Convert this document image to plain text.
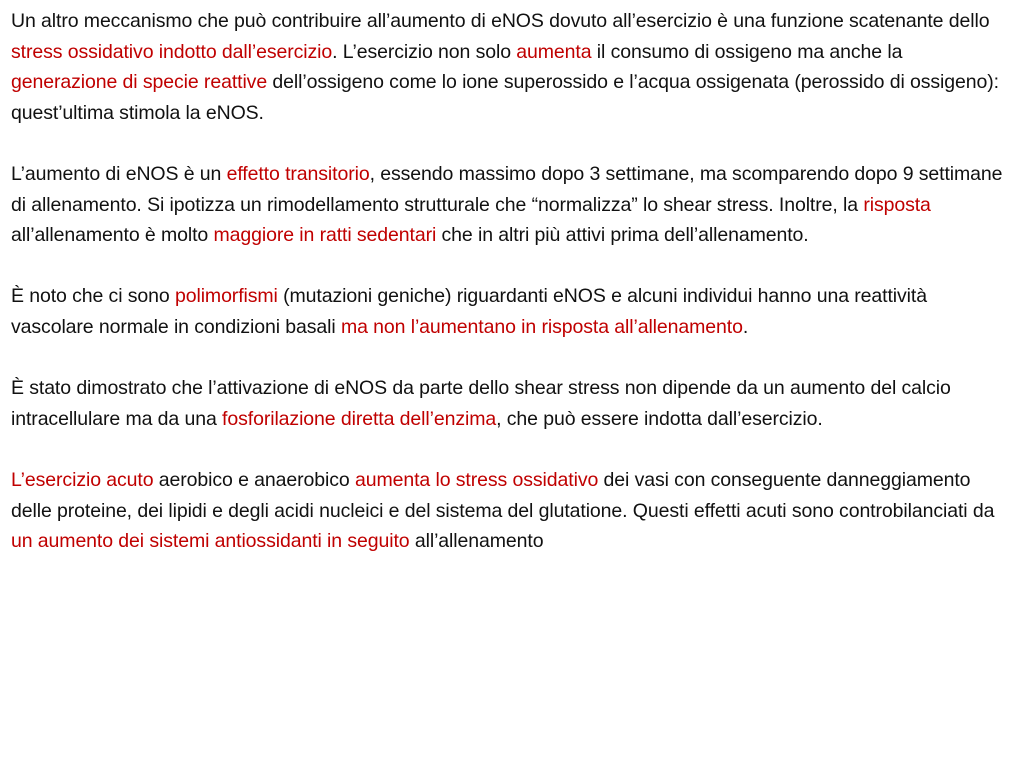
Un altro meccanismo che può contribuire all’aumento di eNOS dovuto all’esercizio è una funzione scatenante dello stress ossidativo indotto dall’esercizio. L’esercizio non solo aumenta il consumo di ossigeno ma anche la generazione di specie reattive dell’ossigeno come lo ione superossido e l’acqua ossigenata (perossido di ossigeno): quest’ultima stimola la eNOS.

L’aumento di eNOS è un effetto transitorio, essendo massimo dopo 3 settimane, ma scomparendo dopo 9 settimane di allenamento. Si ipotizza un rimodellamento strutturale che “normalizza” lo shear stress. Inoltre, la risposta all’allenamento è molto maggiore in ratti sedentari che in altri più attivi prima dell’allenamento.

È noto che ci sono polimorfismi (mutazioni geniche) riguardanti eNOS e alcuni individui hanno una reattività vascolare normale in condizioni basali ma non l’aumentano in risposta all’allenamento.

È stato dimostrato che l’attivazione di eNOS da parte dello shear stress non dipende da un aumento del calcio intracellulare ma da una fosforilazione diretta dell’enzima, che può essere indotta dall’esercizio.

L’esercizio acuto aerobico e anaerobico aumenta lo stress ossidativo dei vasi con conseguente danneggiamento delle proteine, dei lipidi e degli acidi nucleici e del sistema del glutatione. Questi effetti acuti sono controbilanciati da un aumento dei sistemi antiossidanti in seguito all’allenamento
